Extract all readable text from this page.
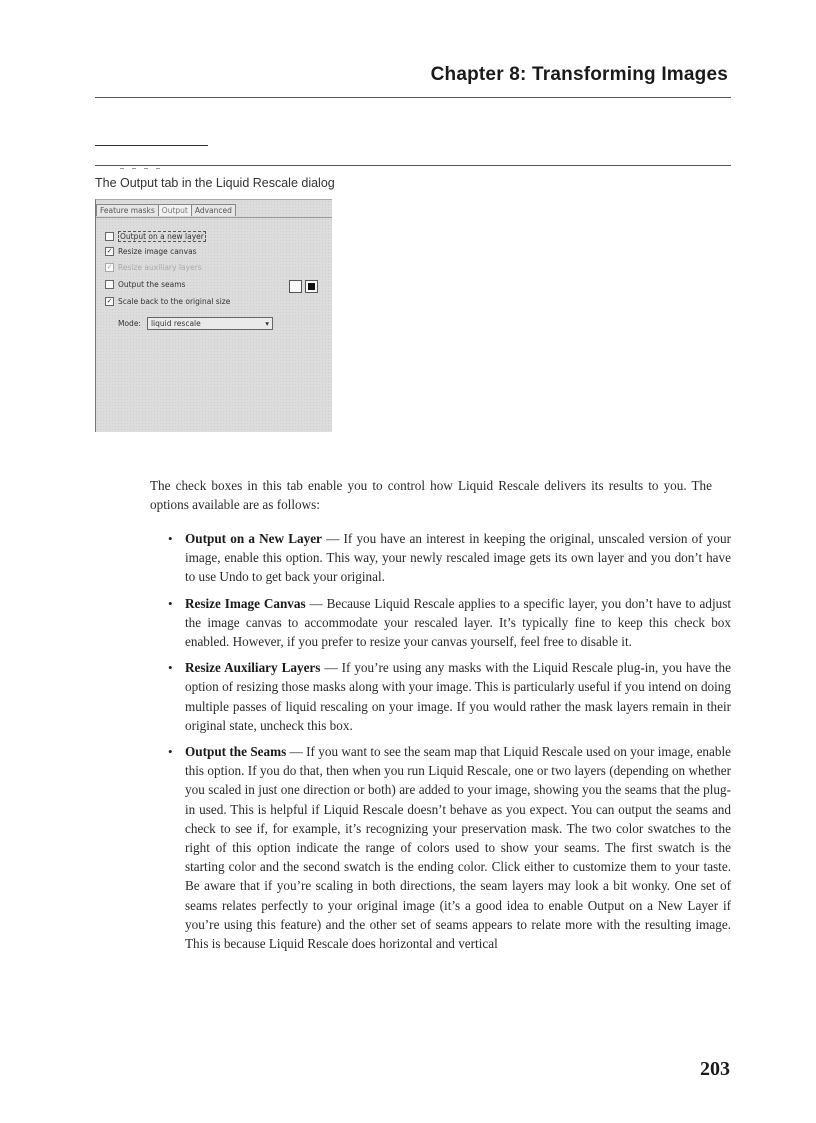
Chapter 8: Transforming Images
The Output tab in the Liquid Rescale dialog
Feature masks Output Advanced
Output on a new layer
✓ Resize image canvas
✓ Resize auxiliary layers
Output the seams
✓ Scale back to the original size
Mode: liquid rescale	▾
The check boxes in this tab enable you to control how Liquid Rescale delivers its results to you. The options available are as follows:
• Output on a New Layer — If you have an interest in keeping the original, unscaled version of your image, enable this option. This way, your newly rescaled image gets its own layer and you don’t have to use Undo to get back your original.
• Resize Image Canvas — Because Liquid Rescale applies to a specific layer, you don’t have to adjust the image canvas to accommodate your rescaled layer. It’s typically fine to keep this check box enabled. However, if you prefer to resize your canvas yourself, feel free to disable it.
• Resize Auxiliary Layers — If you’re using any masks with the Liquid Rescale plug-in, you have the option of resizing those masks along with your image. This is particularly useful if you intend on doing multiple passes of liquid rescaling on your image. If you would rather the mask layers remain in their original state, uncheck this box.
• Output the Seams — If you want to see the seam map that Liquid Rescale used on your image, enable this option. If you do that, then when you run Liquid Rescale, one or two layers (depending on whether you scaled in just one direction or both) are added to your image, showing you the seams that the plug-in used. This is helpful if Liquid Rescale doesn’t behave as you expect. You can output the seams and check to see if, for example, it’s recognizing your preservation mask. The two color swatches to the right of this option indicate the range of colors used to show your seams. The first swatch is the starting color and the second swatch is the ending color. Click either to customize them to your taste. Be aware that if you’re scaling in both directions, the seam layers may look a bit wonky. One set of seams relates perfectly to your original image (it’s a good idea to enable Output on a New Layer if you’re using this feature) and the other set of seams appears to relate more with the resulting image. This is because Liquid Rescale does horizontal and vertical
203
